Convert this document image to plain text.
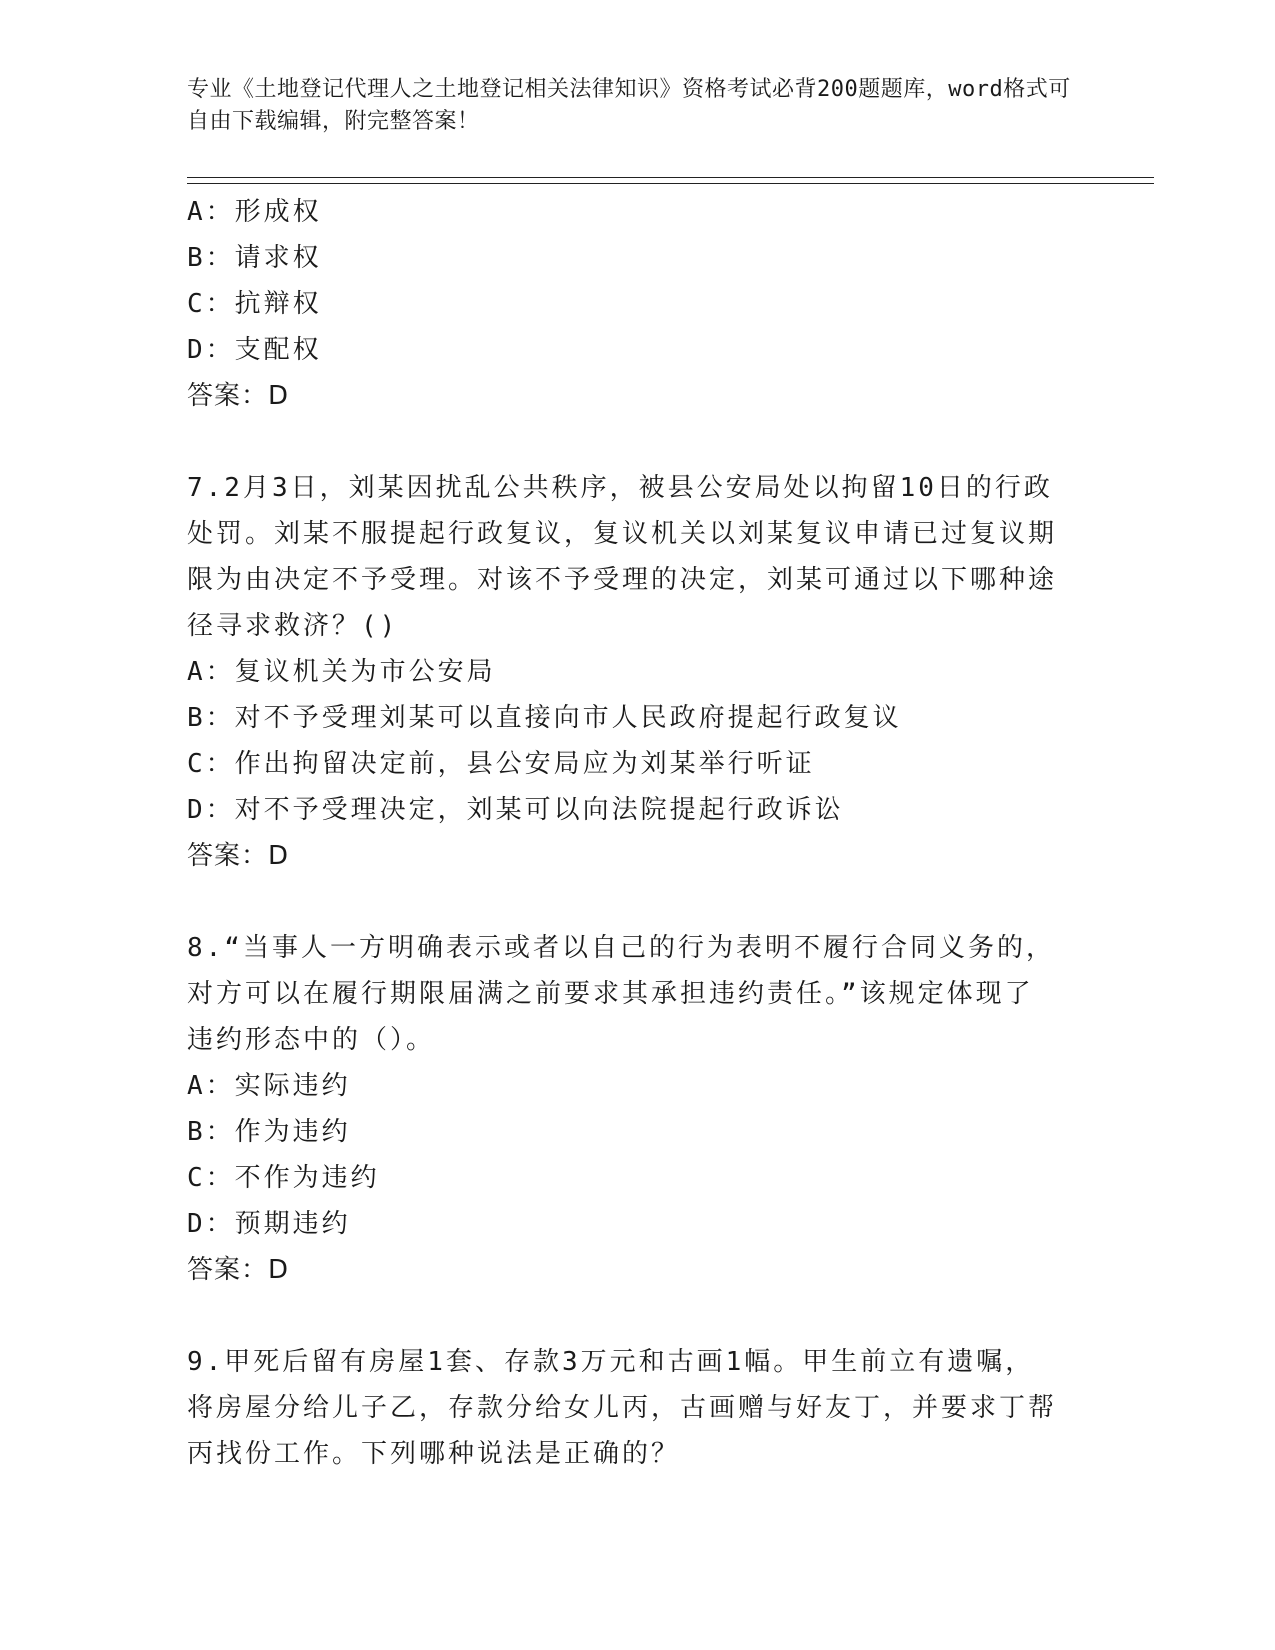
专业《土地登记代理人之土地登记相关法律知识》资格考试必背200题题库，word格式可自由下载编辑，附完整答案！
A：形成权
B：请求权
C：抗辩权
D：支配权
答案：D
7.2月3日，刘某因扰乱公共秩序，被县公安局处以拘留10日的行政
处罚。刘某不服提起行政复议，复议机关以刘某复议申请已过复议期
限为由决定不予受理。对该不予受理的决定，刘某可通过以下哪种途
径寻求救济？()
A：复议机关为市公安局
B：对不予受理刘某可以直接向市人民政府提起行政复议
C：作出拘留决定前，县公安局应为刘某举行听证
D：对不予受理决定，刘某可以向法院提起行政诉讼
答案：D
8.“当事人一方明确表示或者以自己的行为表明不履行合同义务的，
对方可以在履行期限届满之前要求其承担违约责任。”该规定体现了
违约形态中的（）。
A：实际违约
B：作为违约
C：不作为违约
D：预期违约
答案：D
9.甲死后留有房屋1套、存款3万元和古画1幅。甲生前立有遗嘱，
将房屋分给儿子乙，存款分给女儿丙，古画赠与好友丁，并要求丁帮
丙找份工作。下列哪种说法是正确的？
